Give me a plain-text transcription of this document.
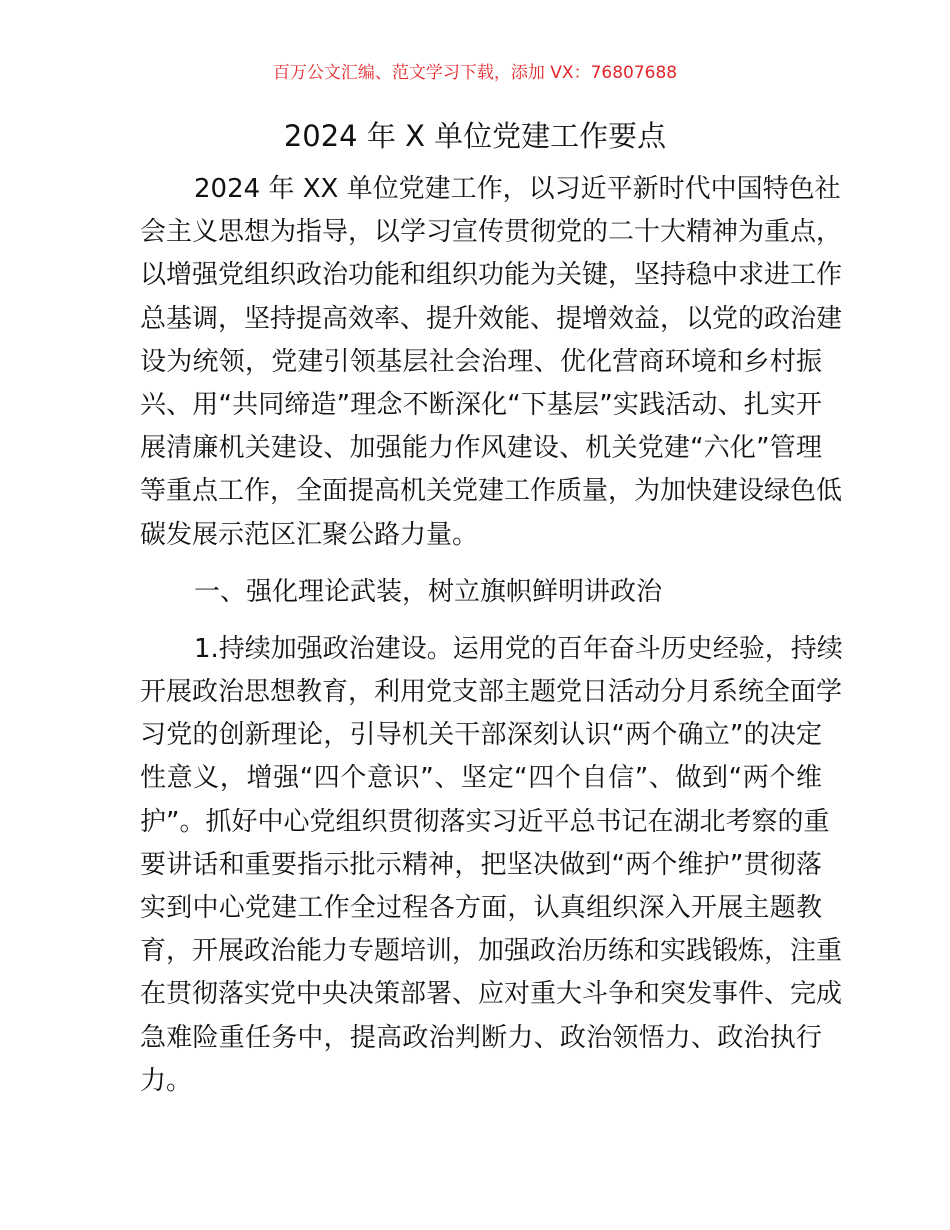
百万公文汇编、范文学习下载，添加 VX：76807688
2024 年 X 单位党建工作要点
2024 年 XX 单位党建工作，以习近平新时代中国特色社
会主义思想为指导，以学习宣传贯彻党的二十大精神为重点，
以增强党组织政治功能和组织功能为关键，坚持稳中求进工作
总基调，坚持提高效率、提升效能、提增效益，以党的政治建
设为统领，党建引领基层社会治理、优化营商环境和乡村振
兴、用“共同缔造”理念不断深化“下基层”实践活动、扎实开
展清廉机关建设、加强能力作风建设、机关党建“六化”管理
等重点工作，全面提高机关党建工作质量，为加快建设绿色低
碳发展示范区汇聚公路力量。
一、强化理论武装，树立旗帜鲜明讲政治
1.持续加强政治建设。运用党的百年奋斗历史经验，持续
开展政治思想教育，利用党支部主题党日活动分月系统全面学
习党的创新理论，引导机关干部深刻认识“两个确立”的决定
性意义，增强“四个意识”、坚定“四个自信”、做到“两个维
护”。抓好中心党组织贯彻落实习近平总书记在湖北考察的重
要讲话和重要指示批示精神，把坚决做到“两个维护”贯彻落
实到中心党建工作全过程各方面，认真组织深入开展主题教
育，开展政治能力专题培训，加强政治历练和实践锻炼，注重
在贯彻落实党中央决策部署、应对重大斗争和突发事件、完成
急难险重任务中，提高政治判断力、政治领悟力、政治执行
力。
